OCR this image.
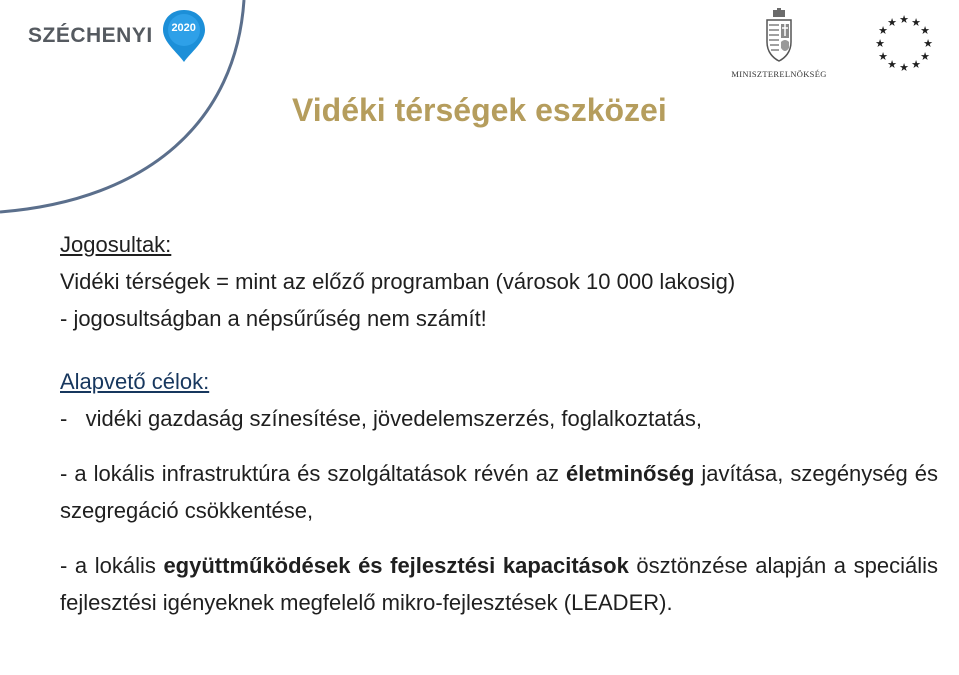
SZÉCHENYI	2020
MINISZTERELNÖKSÉG
★ ★
★
★
★
★
★
★
★
★
★
★
Vidéki térségek eszközei

Jogosultak:

Vidéki térségek = mint az előző programban (városok 10 000 lakosig)

- jogosultságban a népsűrűség nem számít!

Alapvető célok:

-   vidéki gazdaság színesítése, jövedelemszerzés, foglalkoztatás,

- a lokális infrastruktúra és szolgáltatások révén az életminőség javítása, szegénység és szegregáció csökkentése,

- a lokális együttműködések és fejlesztési kapacitások ösztönzése alapján a speciális fejlesztési igényeknek megfelelő mikro-fejlesztések (LEADER).
